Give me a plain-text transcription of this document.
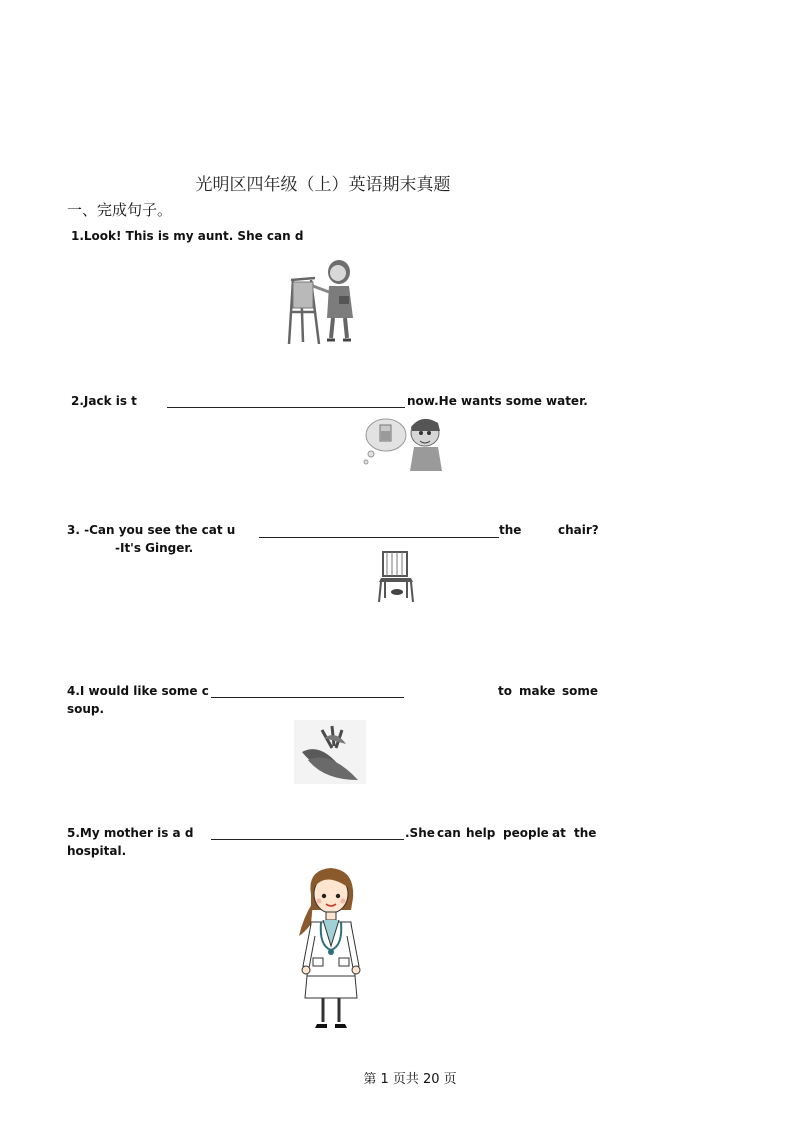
光明区四年级（上）英语期末真题
一、完成句子。
1.Look! This is my aunt. She can d
2.Jack is t	now.He wants some water.
3. -Can you see the cat u	the	chair?
-It's Ginger.
4.I would like some c	to make some
soup.
5.My mother is a d	.She can help people at the
hospital.
第 1 页共 20 页
